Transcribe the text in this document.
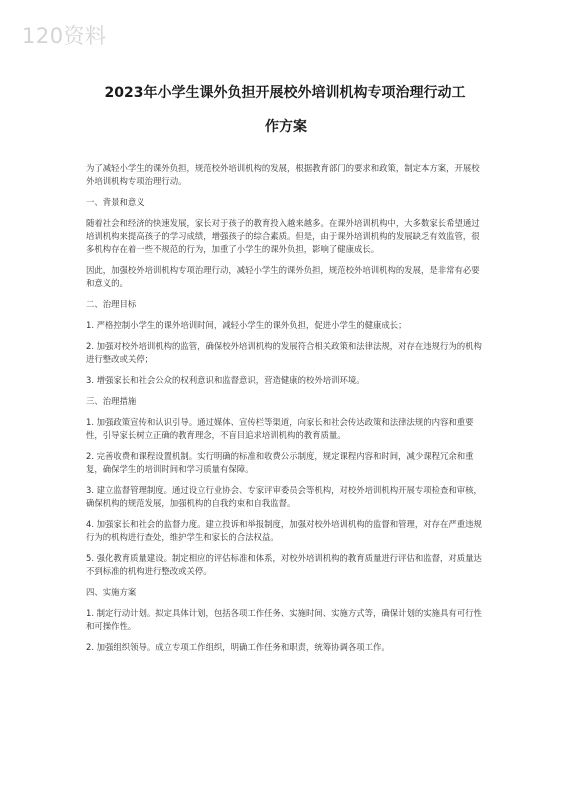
120资料

2023年小学生课外负担开展校外培训机构专项治理行动工

作方案

为了减轻小学生的课外负担，规范校外培训机构的发展，根据教育部门的要求和政策，制定本方案，开展校外培训机构专项治理行动。

一、背景和意义

随着社会和经济的快速发展，家长对于孩子的教育投入越来越多。在课外培训机构中，大多数家长希望通过培训机构来提高孩子的学习成绩，增强孩子的综合素质。但是，由于课外培训机构的发展缺乏有效监管，很多机构存在着一些不规范的行为，加重了小学生的课外负担，影响了健康成长。

因此，加强校外培训机构专项治理行动，减轻小学生的课外负担，规范校外培训机构的发展，是非常有必要和意义的。

二、治理目标

1. 严格控制小学生的课外培训时间，减轻小学生的课外负担，促进小学生的健康成长；

2. 加强对校外培训机构的监管，确保校外培训机构的发展符合相关政策和法律法规，对存在违规行为的机构进行整改或关停；

3. 增强家长和社会公众的权利意识和监督意识，营造健康的校外培训环境。

三、治理措施

1. 加强政策宣传和认识引导。通过媒体、宣传栏等渠道，向家长和社会传达政策和法律法规的内容和重要性，引导家长树立正确的教育理念，不盲目追求培训机构的教育质量。

2. 完善收费和课程设置机制。实行明确的标准和收费公示制度，规定课程内容和时间，减少课程冗余和重复，确保学生的培训时间和学习质量有保障。

3. 建立监督管理制度。通过设立行业协会、专家评审委员会等机构，对校外培训机构开展专项检查和审核，确保机构的规范发展，加强机构的自我约束和自我监督。

4. 加强家长和社会的监督力度。建立投诉和举报制度，加强对校外培训机构的监督和管理，对存在严重违规行为的机构进行查处，维护学生和家长的合法权益。

5. 强化教育质量建设。制定相应的评估标准和体系，对校外培训机构的教育质量进行评估和监督，对质量达不到标准的机构进行整改或关停。

四、实施方案

1. 制定行动计划。拟定具体计划，包括各项工作任务、实施时间、实施方式等，确保计划的实施具有可行性和可操作性。

2. 加强组织领导。成立专项工作组织，明确工作任务和职责，统筹协调各项工作。
